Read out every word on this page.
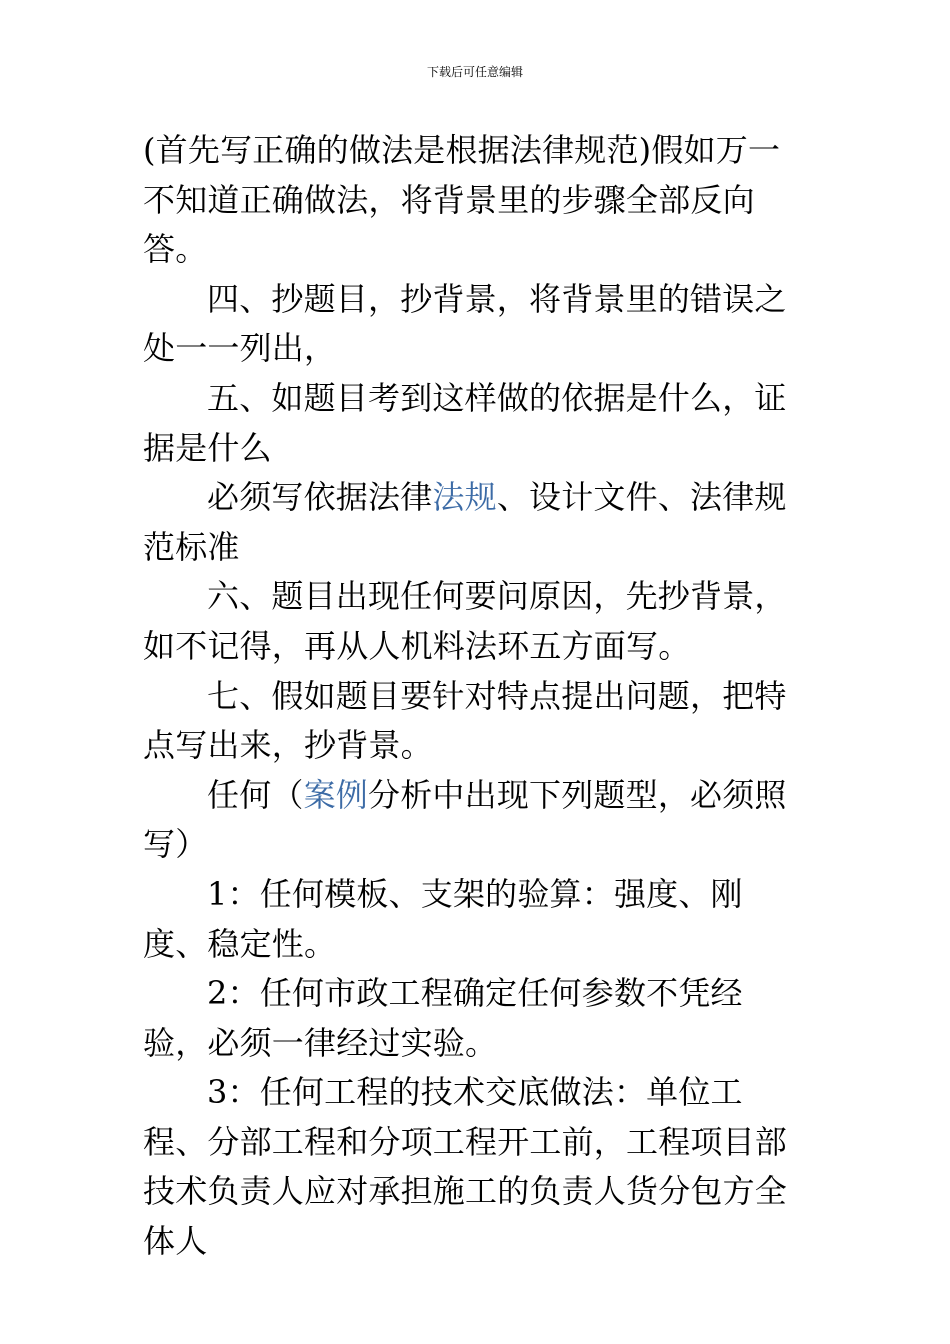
下载后可任意编辑

(首先写正确的做法是根据法律规范)假如万一不知道正确做法，将背景里的步骤全部反向答。

四、抄题目，抄背景，将背景里的错误之处一一列出，

五、如题目考到这样做的依据是什么，证据是什么

必须写依据法律法规、设计文件、法律规范标准

六、题目出现任何要问原因，先抄背景，如不记得，再从人机料法环五方面写。

七、假如题目要针对特点提出问题，把特点写出来，抄背景。

任何（案例分析中出现下列题型，必须照写）

1：任何模板、支架的验算：强度、刚度、稳定性。

2：任何市政工程确定任何参数不凭经验，必须一律经过实验。

3：任何工程的技术交底做法：单位工程、分部工程和分项工程开工前，工程项目部技术负责人应对承担施工的负责人货分包方全体人
